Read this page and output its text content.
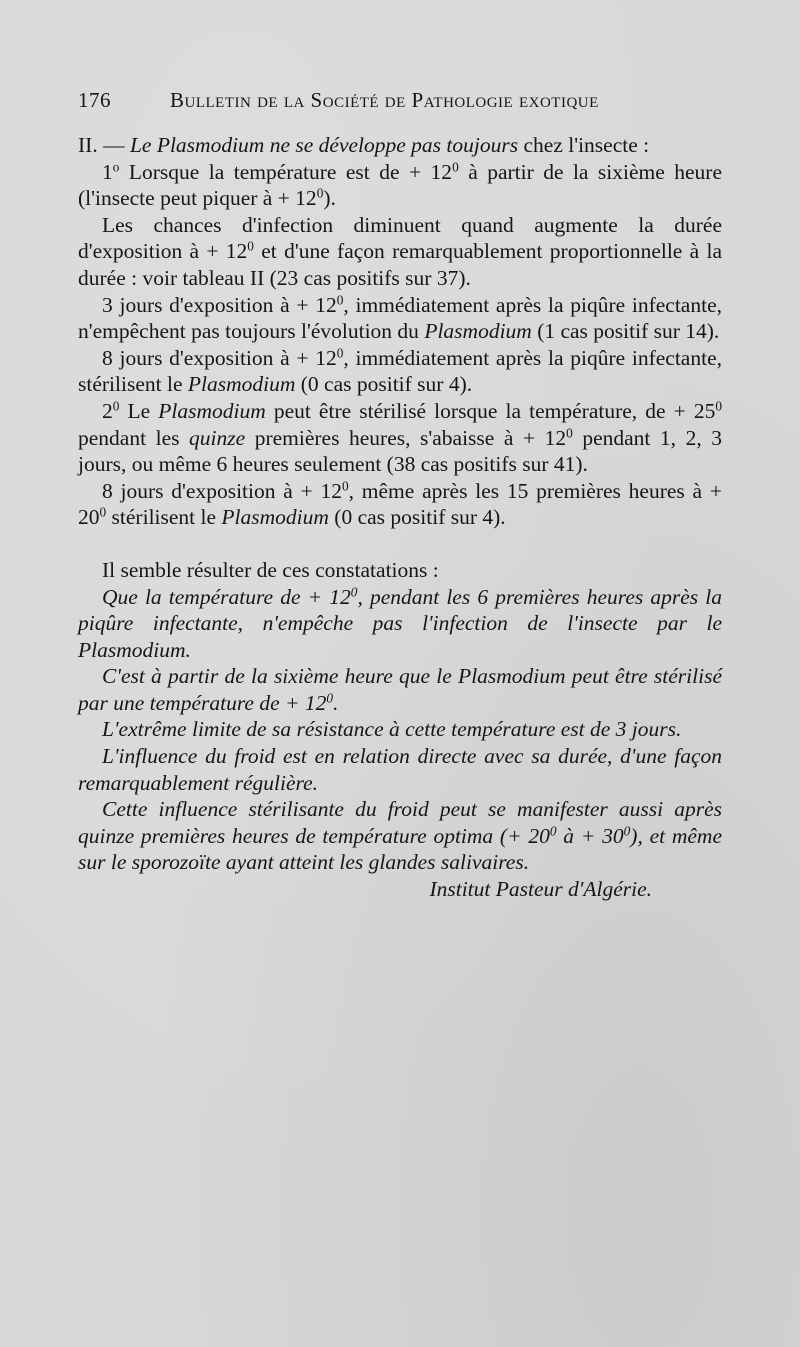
176	Bulletin de la Société de Pathologie exotique

II. — Le Plasmodium ne se développe pas toujours chez l'insecte :

1$^o$ Lorsque la température est de + $12^0$ à partir de la sixième heure (l'insecte peut piquer à + $12^0$).

Les chances d'infection diminuent quand augmente la durée d'exposition à + $12^0$ et d'une façon remarquablement proportionnelle à la durée : voir tableau II (23 cas positifs sur 37).

3 jours d'exposition à + $12^0$, immédiatement après la piqûre infectante, n'empêchent pas toujours l'évolution du Plasmodium (1 cas positif sur 14).

8 jours d'exposition à + $12^0$, immédiatement après la piqûre infectante, stérilisent le Plasmodium (0 cas positif sur 4).

$2^0$ Le Plasmodium peut être stérilisé lorsque la température, de + $25^0$ pendant les quinze premières heures, s'abaisse à + $12^0$ pendant 1, 2, 3 jours, ou même 6 heures seulement (38 cas positifs sur 41).

8 jours d'exposition à + $12^0$, même après les 15 premières heures à + $20^0$ stérilisent le Plasmodium (0 cas positif sur 4).

Il semble résulter de ces constatations :

Que la température de + $12^0$, pendant les 6 premières heures après la piqûre infectante, n'empêche pas l'infection de l'insecte par le Plasmodium.

C'est à partir de la sixième heure que le Plasmodium peut être stérilisé par une température de + $12^0$.

L'extrême limite de sa résistance à cette température est de 3 jours.

L'influence du froid est en relation directe avec sa durée, d'une façon remarquablement régulière.

Cette influence stérilisante du froid peut se manifester aussi après quinze premières heures de température optima (+ $20^0$ à + $30^0$), et même sur le sporozoïte ayant atteint les glandes salivaires.

Institut Pasteur d'Algérie.
